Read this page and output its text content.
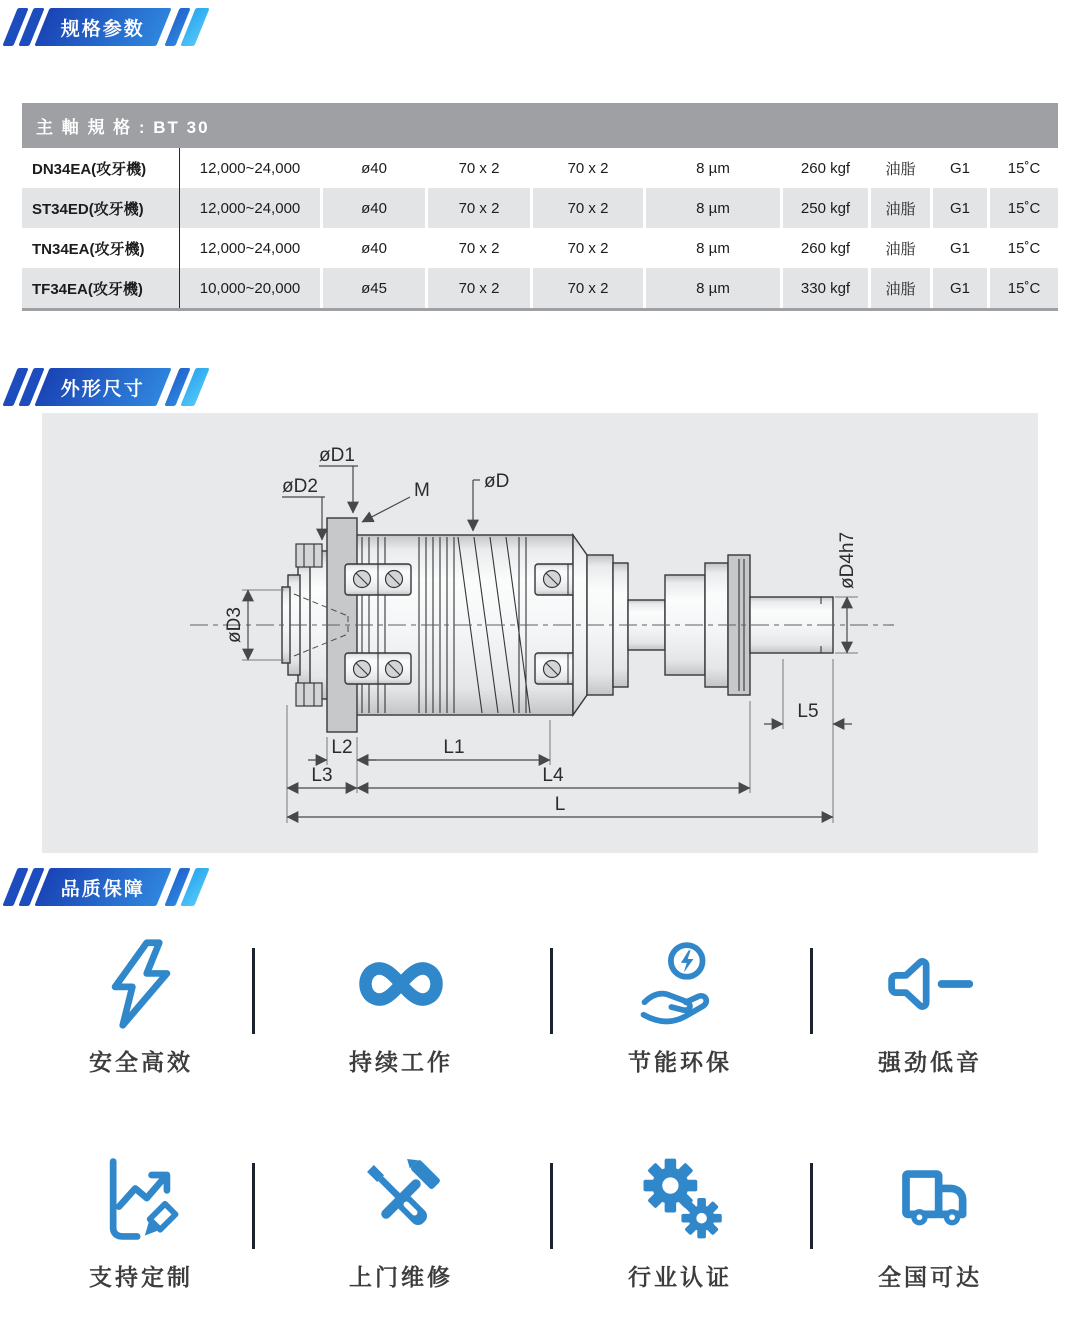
规格参数
主 軸 規 格 : BT 30									
DN34EA(攻牙機)	12,000~24,000	ø40	70 x 2	70 x 2	8 µm	260 kgf	油脂	G1	15˚C
ST34ED(攻牙機)	12,000~24,000	ø40	70 x 2	70 x 2	8 µm	250 kgf	油脂	G1	15˚C
TN34EA(攻牙機)	12,000~24,000	ø40	70 x 2	70 x 2	8 µm	260 kgf	油脂	G1	15˚C
TF34EA(攻牙機)	10,000~20,000	ø45	70 x 2	70 x 2	8 µm	330 kgf	油脂	G1	15˚C
外形尺寸
øD1
øD2	M	øD
øD3
øD4h7
L5
L2	L1
L3	L4
L
品质保障
安全高效	持续工作	节能环保	强劲低音
支持定制	上门维修	行业认证	全国可达
